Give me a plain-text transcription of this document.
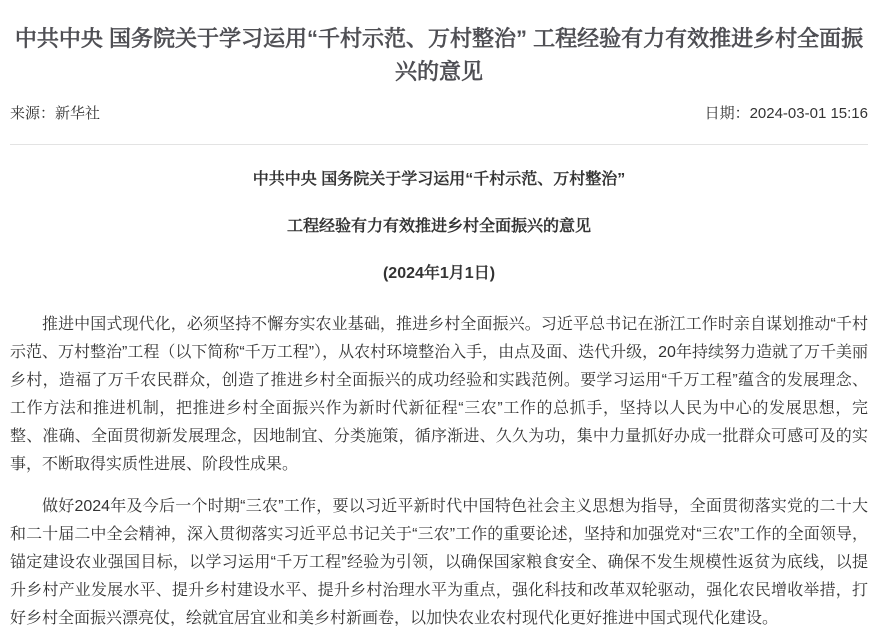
中共中央 国务院关于学习运用“千村示范、万村整治” 工程经验有力有效推进乡村全面振兴的意见
来源：新华社	日期：2024-03-01 15:16

中共中央 国务院关于学习运用“千村示范、万村整治”

工程经验有力有效推进乡村全面振兴的意见

(2024年1月1日)

推进中国式现代化，必须坚持不懈夯实农业基础，推进乡村全面振兴。习近平总书记在浙江工作时亲自谋划推动“千村示范、万村整治”工程（以下简称“千万工程”），从农村环境整治入手，由点及面、迭代升级，20年持续努力造就了万千美丽乡村，造福了万千农民群众，创造了推进乡村全面振兴的成功经验和实践范例。要学习运用“千万工程”蕴含的发展理念、工作方法和推进机制，把推进乡村全面振兴作为新时代新征程“三农”工作的总抓手，坚持以人民为中心的发展思想，完整、准确、全面贯彻新发展理念，因地制宜、分类施策，循序渐进、久久为功，集中力量抓好办成一批群众可感可及的实事，不断取得实质性进展、阶段性成果。

做好2024年及今后一个时期“三农”工作，要以习近平新时代中国特色社会主义思想为指导，全面贯彻落实党的二十大和二十届二中全会精神，深入贯彻落实习近平总书记关于“三农”工作的重要论述，坚持和加强党对“三农”工作的全面领导，锚定建设农业强国目标，以学习运用“千万工程”经验为引领，以确保国家粮食安全、确保不发生规模性返贫为底线，以提升乡村产业发展水平、提升乡村建设水平、提升乡村治理水平为重点，强化科技和改革双轮驱动，强化农民增收举措，打好乡村全面振兴漂亮仗，绘就宜居宜业和美乡村新画卷，以加快农业农村现代化更好推进中国式现代化建设。
